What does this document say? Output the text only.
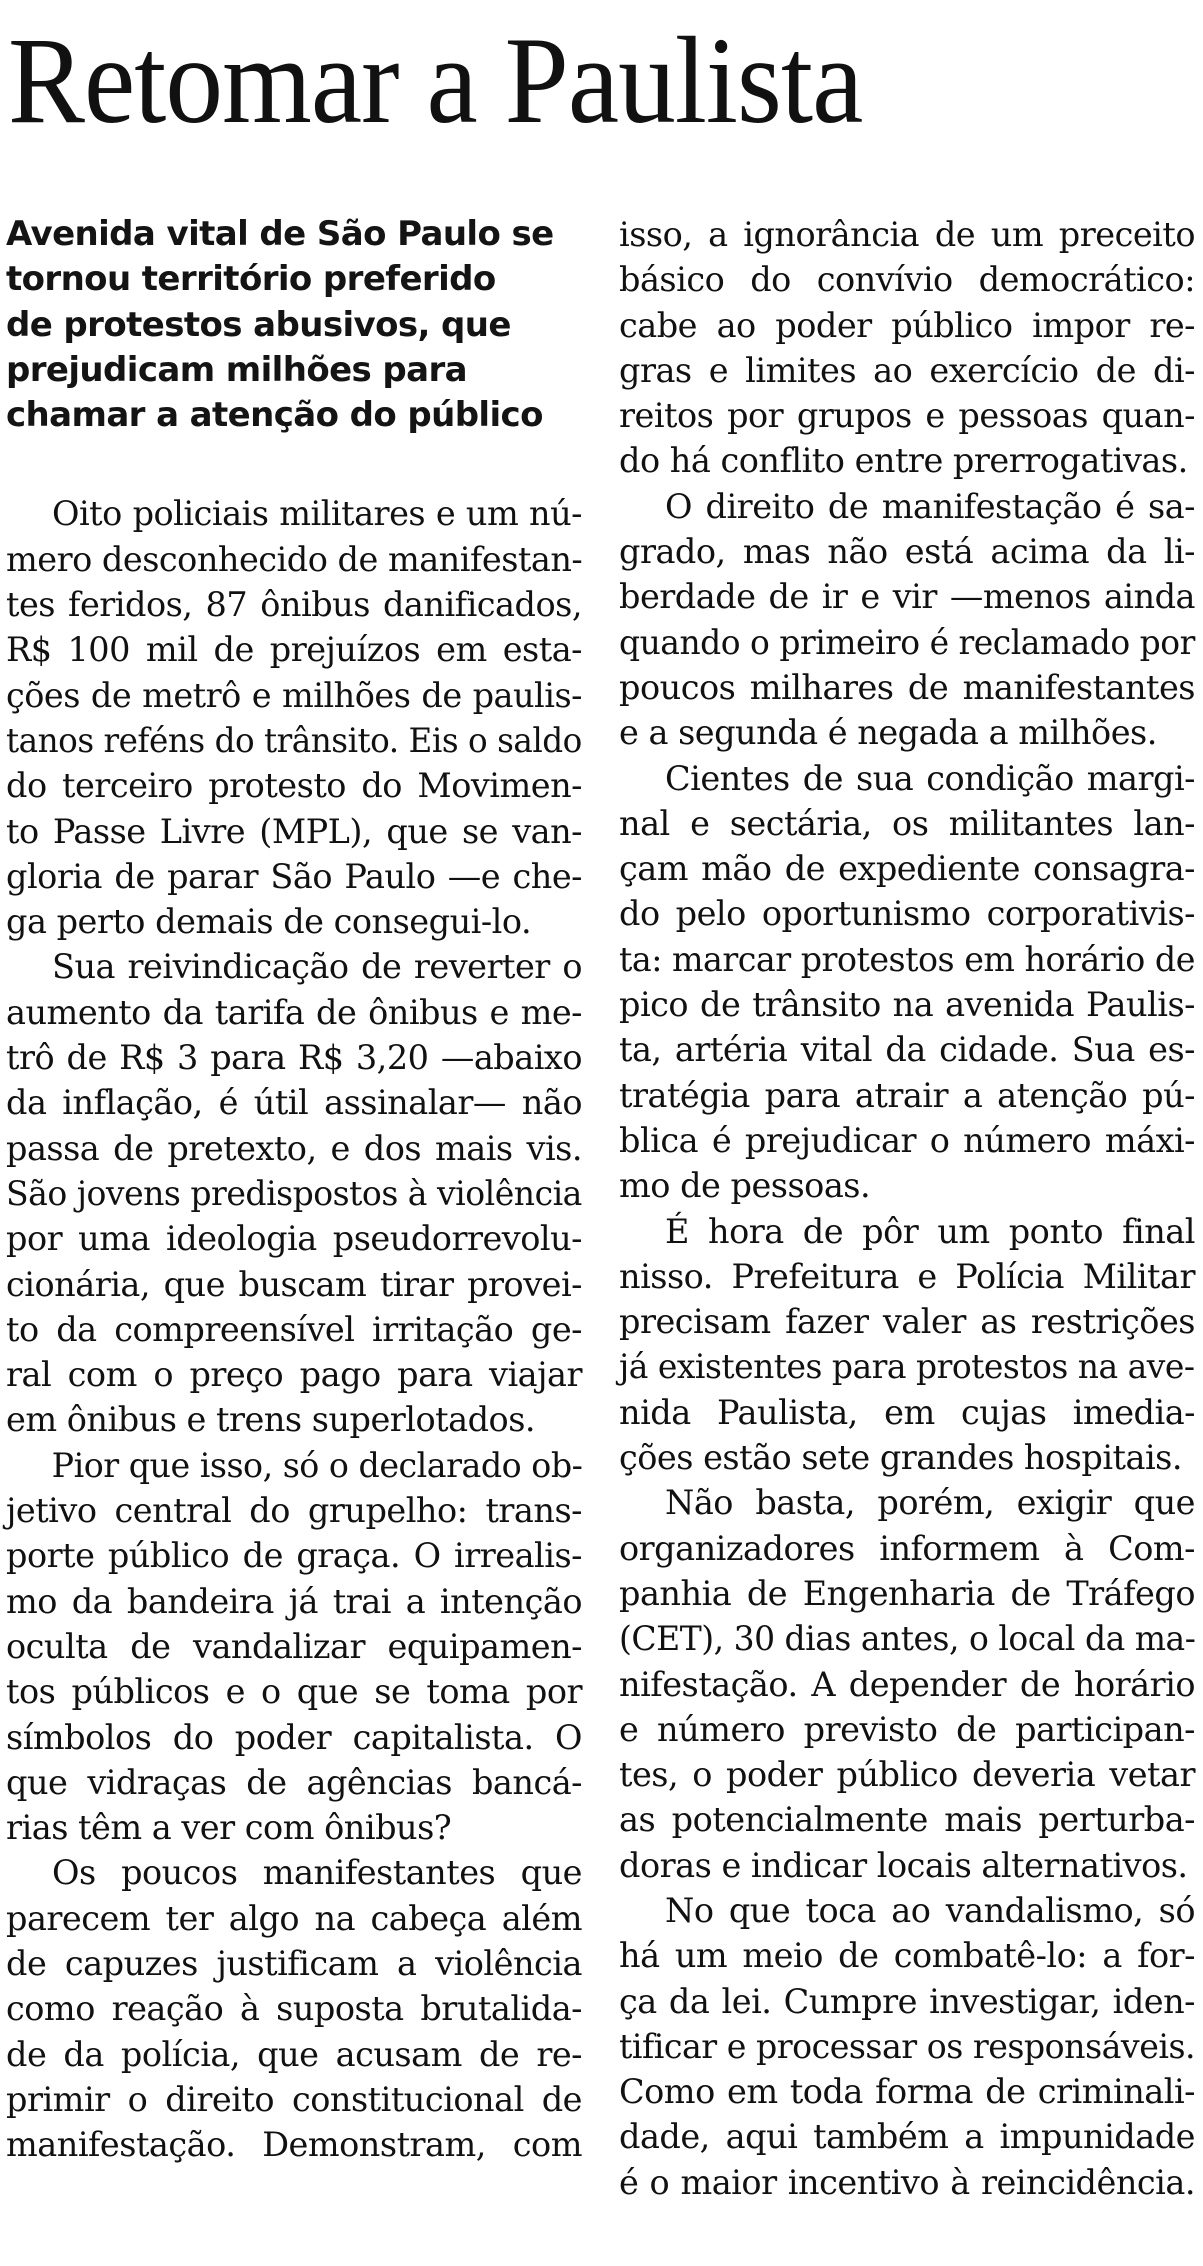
Retomar a Paulista
Avenida vital de São Paulo se
tornou território preferido
de protestos abusivos, que
prejudicam milhões para
chamar a atenção do público
Oito policiais militares e um nú-
mero desconhecido de manifestan-
tes feridos, 87 ônibus danificados,
R$ 100 mil de prejuízos em esta-
ções de metrô e milhões de paulis-
tanos reféns do trânsito. Eis o saldo
do terceiro protesto do Movimen-
to Passe Livre (MPL), que se van-
gloria de parar São Paulo —e che-
ga perto demais de consegui-lo.
Sua reivindicação de reverter o
aumento da tarifa de ônibus e me-
trô de R$ 3 para R$ 3,20 —abaixo
da inflação, é útil assinalar— não
passa de pretexto, e dos mais vis.
São jovens predispostos à violência
por uma ideologia pseudorrevolu-
cionária, que buscam tirar provei-
to da compreensível irritação ge-
ral com o preço pago para viajar
em ônibus e trens superlotados.
Pior que isso, só o declarado ob-
jetivo central do grupelho: trans-
porte público de graça. O irrealis-
mo da bandeira já trai a intenção
oculta de vandalizar equipamen-
tos públicos e o que se toma por
símbolos do poder capitalista. O
que vidraças de agências bancá-
rias têm a ver com ônibus?
Os poucos manifestantes que
parecem ter algo na cabeça além
de capuzes justificam a violência
como reação à suposta brutalida-
de da polícia, que acusam de re-
primir o direito constitucional de
manifestação. Demonstram, com
isso, a ignorância de um preceito
básico do convívio democrático:
cabe ao poder público impor re-
gras e limites ao exercício de di-
reitos por grupos e pessoas quan-
do há conflito entre prerrogativas.
O direito de manifestação é sa-
grado, mas não está acima da li-
berdade de ir e vir —menos ainda
quando o primeiro é reclamado por
poucos milhares de manifestantes
e a segunda é negada a milhões.
Cientes de sua condição margi-
nal e sectária, os militantes lan-
çam mão de expediente consagra-
do pelo oportunismo corporativis-
ta: marcar protestos em horário de
pico de trânsito na avenida Paulis-
ta, artéria vital da cidade. Sua es-
tratégia para atrair a atenção pú-
blica é prejudicar o número máxi-
mo de pessoas.
É hora de pôr um ponto final
nisso. Prefeitura e Polícia Militar
precisam fazer valer as restrições
já existentes para protestos na ave-
nida Paulista, em cujas imedia-
ções estão sete grandes hospitais.
Não basta, porém, exigir que
organizadores informem à Com-
panhia de Engenharia de Tráfego
(CET), 30 dias antes, o local da ma-
nifestação. A depender de horário
e número previsto de participan-
tes, o poder público deveria vetar
as potencialmente mais perturba-
doras e indicar locais alternativos.
No que toca ao vandalismo, só
há um meio de combatê-lo: a for-
ça da lei. Cumpre investigar, iden-
tificar e processar os responsáveis.
Como em toda forma de criminali-
dade, aqui também a impunidade
é o maior incentivo à reincidência.
